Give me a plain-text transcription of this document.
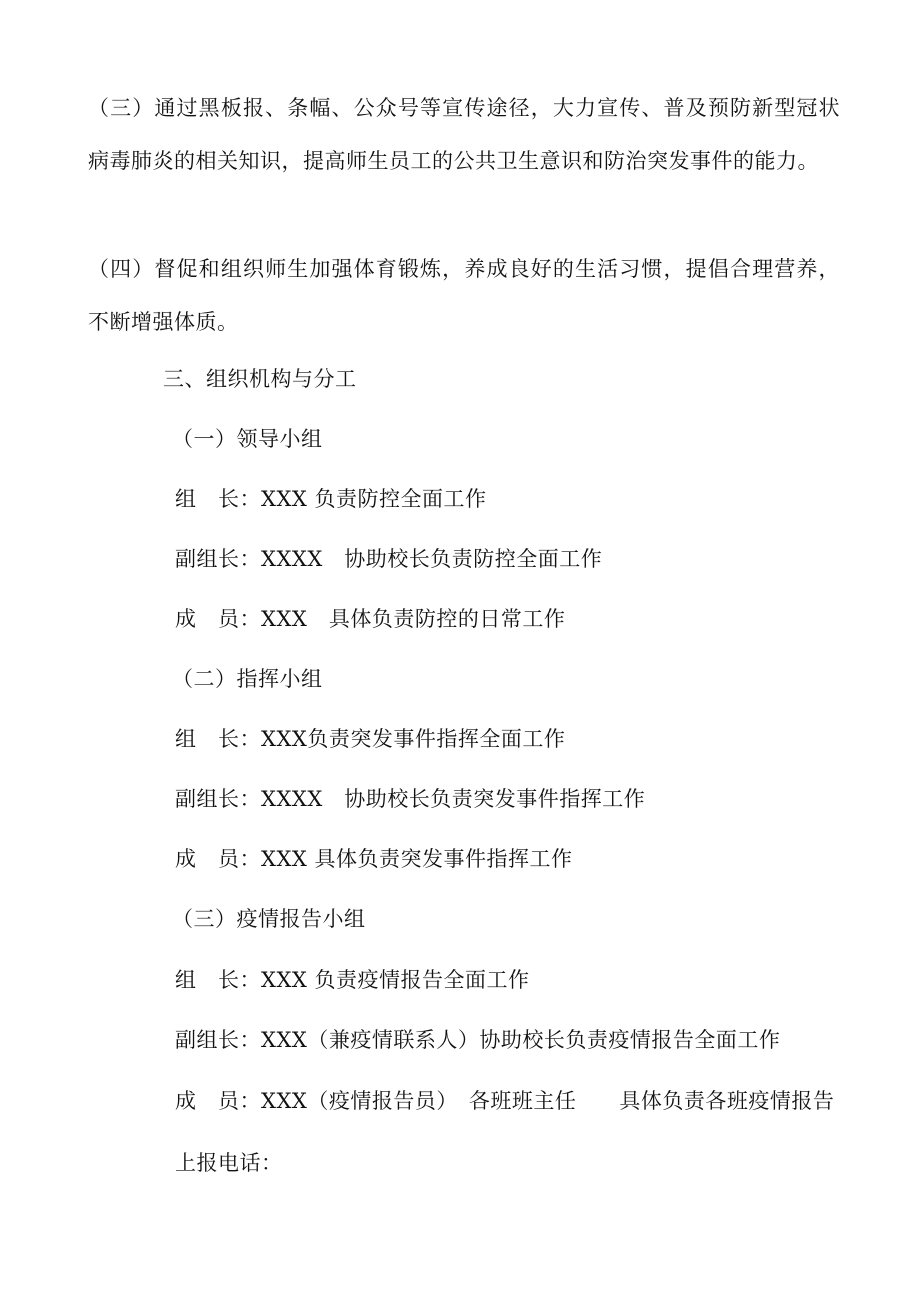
（三）通过黑板报、条幅、公众号等宣传途径，大力宣传、普及预防新型冠状病毒肺炎的相关知识，提高师生员工的公共卫生意识和防治突发事件的能力。

（四）督促和组织师生加强体育锻炼，养成良好的生活习惯，提倡合理营养，不断增强体质。

三、组织机构与分工

（一）领导小组

组　长：XXX 负责防控全面工作

副组长：XXXX　协助校长负责防控全面工作

成　员：XXX　具体负责防控的日常工作

（二）指挥小组

组　长：XXX负责突发事件指挥全面工作

副组长：XXXX　协助校长负责突发事件指挥工作

成　员：XXX 具体负责突发事件指挥工作

（三）疫情报告小组

组　长：XXX 负责疫情报告全面工作

副组长：XXX（兼疫情联系人）协助校长负责疫情报告全面工作

成　员：XXX（疫情报告员）　各班班主任　　具体负责各班疫情报告

上报电话：
